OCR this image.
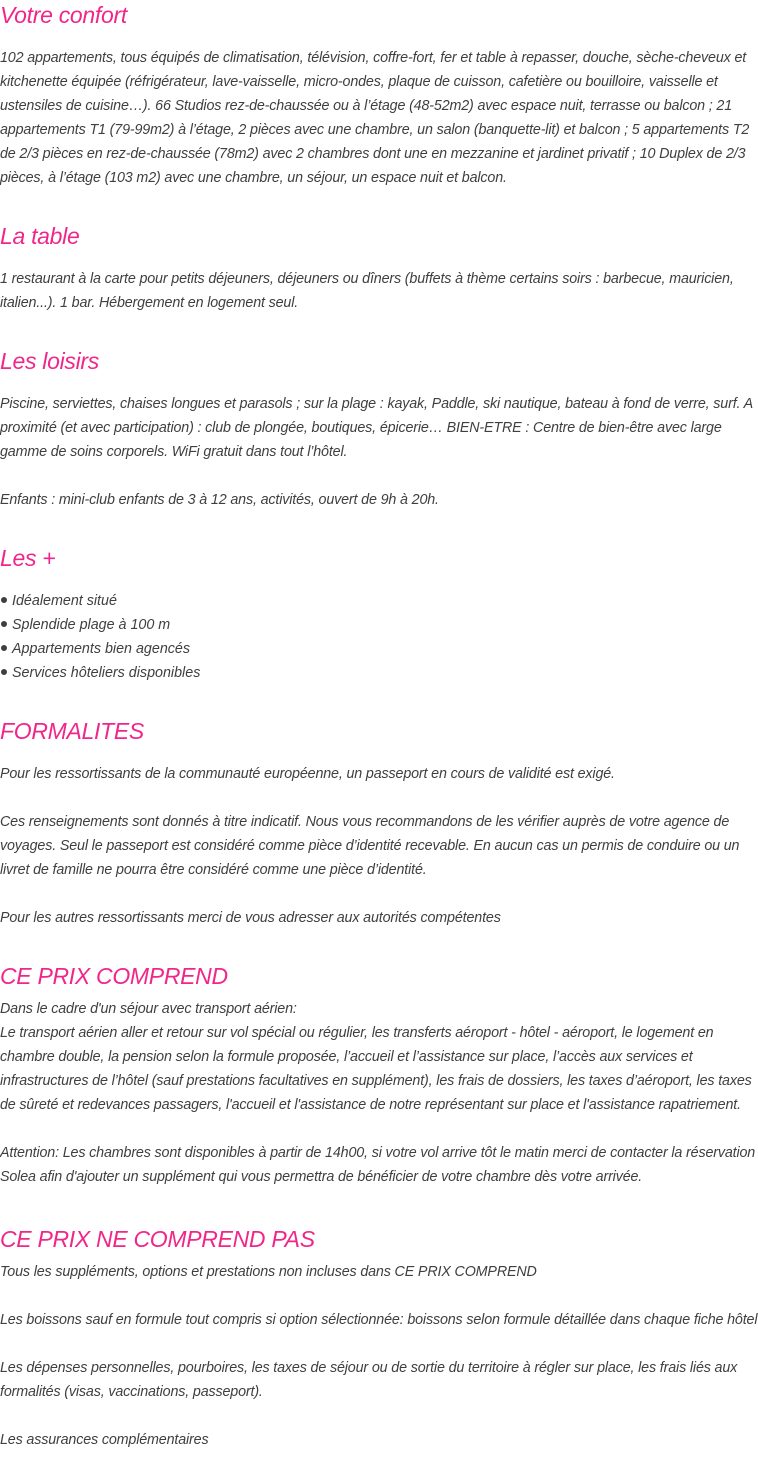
Votre confort

102 appartements, tous équipés de climatisation, télévision, coffre-fort, fer et table à repasser, douche, sèche-cheveux et kitchenette équipée (réfrigérateur, lave-vaisselle, micro-ondes, plaque de cuisson, cafetière ou bouilloire, vaisselle et ustensiles de cuisine…). 66 Studios rez-de-chaussée ou à l’étage (48-52m2) avec espace nuit, terrasse ou balcon ; 21 appartements T1 (79-99m2) à l’étage, 2 pièces avec une chambre, un salon (banquette-lit) et balcon ; 5 appartements T2 de 2/3 pièces en rez-de-chaussée (78m2) avec 2 chambres dont une en mezzanine et jardinet privatif ; 10 Duplex de 2/3 pièces, à l’étage (103 m2) avec une chambre, un séjour, un espace nuit et balcon.

La table

1 restaurant à la carte pour petits déjeuners, déjeuners ou dîners (buffets à thème certains soirs : barbecue, mauricien, italien...). 1 bar. Hébergement en logement seul.

Les loisirs

Piscine, serviettes, chaises longues et parasols ; sur la plage : kayak, Paddle, ski nautique, bateau à fond de verre, surf. A proximité (et avec participation) : club de plongée, boutiques, épicerie… BIEN-ETRE : Centre de bien-être avec large gamme de soins corporels. WiFi gratuit dans tout l’hôtel.

Enfants : mini-club enfants de 3 à 12 ans, activités, ouvert de 9h à 20h.

Les +
Idéalement situé
Splendide plage à 100 m
Appartements bien agencés
Services hôteliers disponibles
FORMALITES

Pour les ressortissants de la communauté européenne, un passeport en cours de validité est exigé.

Ces renseignements sont donnés à titre indicatif. Nous vous recommandons de les vérifier auprès de votre agence de voyages. Seul le passeport est considéré comme pièce d’identité recevable. En aucun cas un permis de conduire ou un livret de famille ne pourra être considéré comme une pièce d’identité.

Pour les autres ressortissants merci de vous adresser aux autorités compétentes

CE PRIX COMPREND

Dans le cadre d'un séjour avec transport aérien:

Le transport aérien aller et retour sur vol spécial ou régulier, les transferts aéroport - hôtel - aéroport, le logement en chambre double, la pension selon la formule proposée, l’accueil et l’assistance sur place, l’accès aux services et infrastructures de l’hôtel (sauf prestations facultatives en supplément), les frais de dossiers, les taxes d’aéroport, les taxes de sûreté et redevances passagers, l'accueil et l'assistance de notre représentant sur place et l'assistance rapatriement.

Attention: Les chambres sont disponibles à partir de 14h00, si votre vol arrive tôt le matin merci de contacter la réservation Solea afin d'ajouter un supplément qui vous permettra de bénéficier de votre chambre dès votre arrivée.

CE PRIX NE COMPREND PAS

Tous les suppléments, options et prestations non incluses dans CE PRIX COMPREND

Les boissons sauf en formule tout compris si option sélectionnée: boissons selon formule détaillée dans chaque fiche hôtel

Les dépenses personnelles, pourboires, les taxes de séjour ou de sortie du territoire à régler sur place, les frais liés aux formalités (visas, vaccinations, passeport).

Les assurances complémentaires
